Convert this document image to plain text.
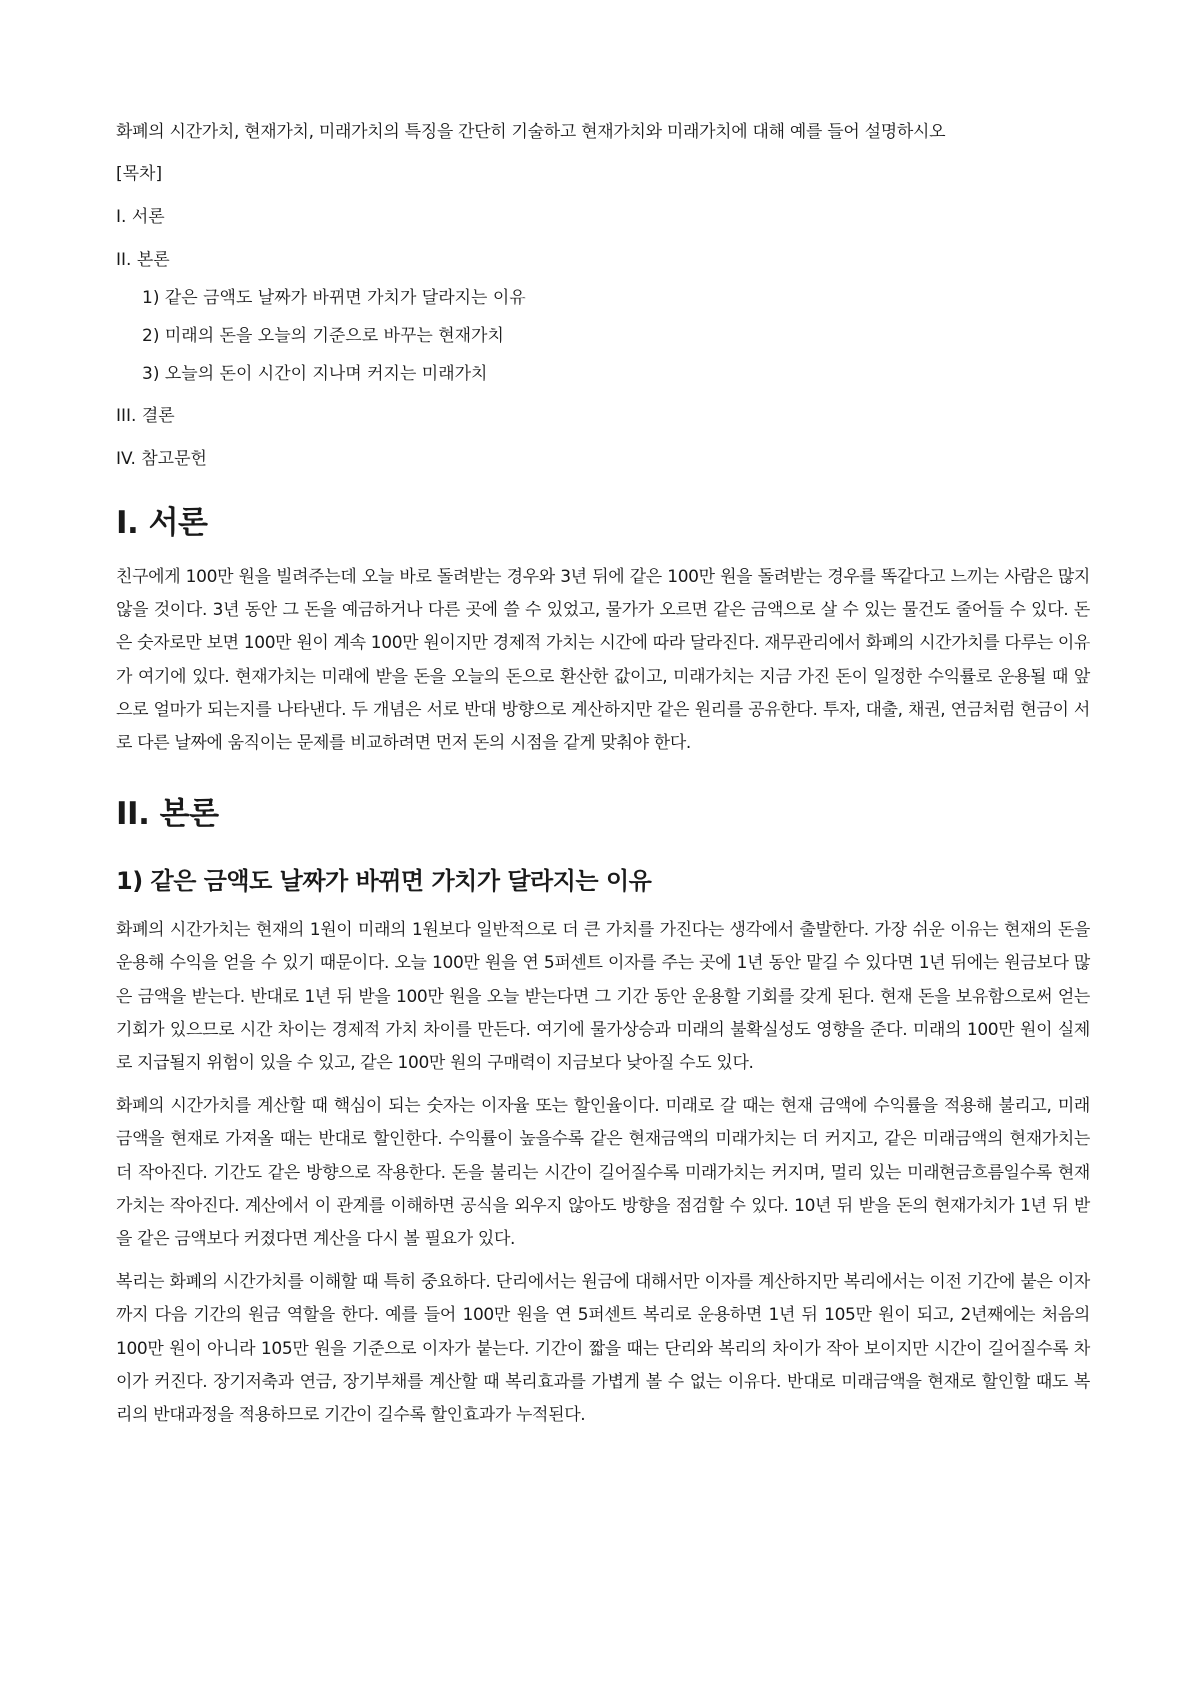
화폐의 시간가치, 현재가치, 미래가치의 특징을 간단히 기술하고 현재가치와 미래가치에 대해 예를 들어 설명하시오

[목차]

I. 서론

II. 본론

1) 같은 금액도 날짜가 바뀌면 가치가 달라지는 이유

2) 미래의 돈을 오늘의 기준으로 바꾸는 현재가치

3) 오늘의 돈이 시간이 지나며 커지는 미래가치

III. 결론

IV. 참고문헌

I. 서론

친구에게 100만 원을 빌려주는데 오늘 바로 돌려받는 경우와 3년 뒤에 같은 100만 원을 돌려받는 경우를 똑같다고 느끼는 사람은 많지 않을 것이다. 3년 동안 그 돈을 예금하거나 다른 곳에 쓸 수 있었고, 물가가 오르면 같은 금액으로 살 수 있는 물건도 줄어들 수 있다. 돈은 숫자로만 보면 100만 원이 계속 100만 원이지만 경제적 가치는 시간에 따라 달라진다. 재무관리에서 화폐의 시간가치를 다루는 이유가 여기에 있다. 현재가치는 미래에 받을 돈을 오늘의 돈으로 환산한 값이고, 미래가치는 지금 가진 돈이 일정한 수익률로 운용될 때 앞으로 얼마가 되는지를 나타낸다. 두 개념은 서로 반대 방향으로 계산하지만 같은 원리를 공유한다. 투자, 대출, 채권, 연금처럼 현금이 서로 다른 날짜에 움직이는 문제를 비교하려면 먼저 돈의 시점을 같게 맞춰야 한다.

II. 본론
1) 같은 금액도 날짜가 바뀌면 가치가 달라지는 이유

화폐의 시간가치는 현재의 1원이 미래의 1원보다 일반적으로 더 큰 가치를 가진다는 생각에서 출발한다. 가장 쉬운 이유는 현재의 돈을 운용해 수익을 얻을 수 있기 때문이다. 오늘 100만 원을 연 5퍼센트 이자를 주는 곳에 1년 동안 맡길 수 있다면 1년 뒤에는 원금보다 많은 금액을 받는다. 반대로 1년 뒤 받을 100만 원을 오늘 받는다면 그 기간 동안 운용할 기회를 갖게 된다. 현재 돈을 보유함으로써 얻는 기회가 있으므로 시간 차이는 경제적 가치 차이를 만든다. 여기에 물가상승과 미래의 불확실성도 영향을 준다. 미래의 100만 원이 실제로 지급될지 위험이 있을 수 있고, 같은 100만 원의 구매력이 지금보다 낮아질 수도 있다.

화폐의 시간가치를 계산할 때 핵심이 되는 숫자는 이자율 또는 할인율이다. 미래로 갈 때는 현재 금액에 수익률을 적용해 불리고, 미래 금액을 현재로 가져올 때는 반대로 할인한다. 수익률이 높을수록 같은 현재금액의 미래가치는 더 커지고, 같은 미래금액의 현재가치는 더 작아진다. 기간도 같은 방향으로 작용한다. 돈을 불리는 시간이 길어질수록 미래가치는 커지며, 멀리 있는 미래현금흐름일수록 현재가치는 작아진다. 계산에서 이 관계를 이해하면 공식을 외우지 않아도 방향을 점검할 수 있다. 10년 뒤 받을 돈의 현재가치가 1년 뒤 받을 같은 금액보다 커졌다면 계산을 다시 볼 필요가 있다.

복리는 화폐의 시간가치를 이해할 때 특히 중요하다. 단리에서는 원금에 대해서만 이자를 계산하지만 복리에서는 이전 기간에 붙은 이자까지 다음 기간의 원금 역할을 한다. 예를 들어 100만 원을 연 5퍼센트 복리로 운용하면 1년 뒤 105만 원이 되고, 2년째에는 처음의 100만 원이 아니라 105만 원을 기준으로 이자가 붙는다. 기간이 짧을 때는 단리와 복리의 차이가 작아 보이지만 시간이 길어질수록 차이가 커진다. 장기저축과 연금, 장기부채를 계산할 때 복리효과를 가볍게 볼 수 없는 이유다. 반대로 미래금액을 현재로 할인할 때도 복리의 반대과정을 적용하므로 기간이 길수록 할인효과가 누적된다.
